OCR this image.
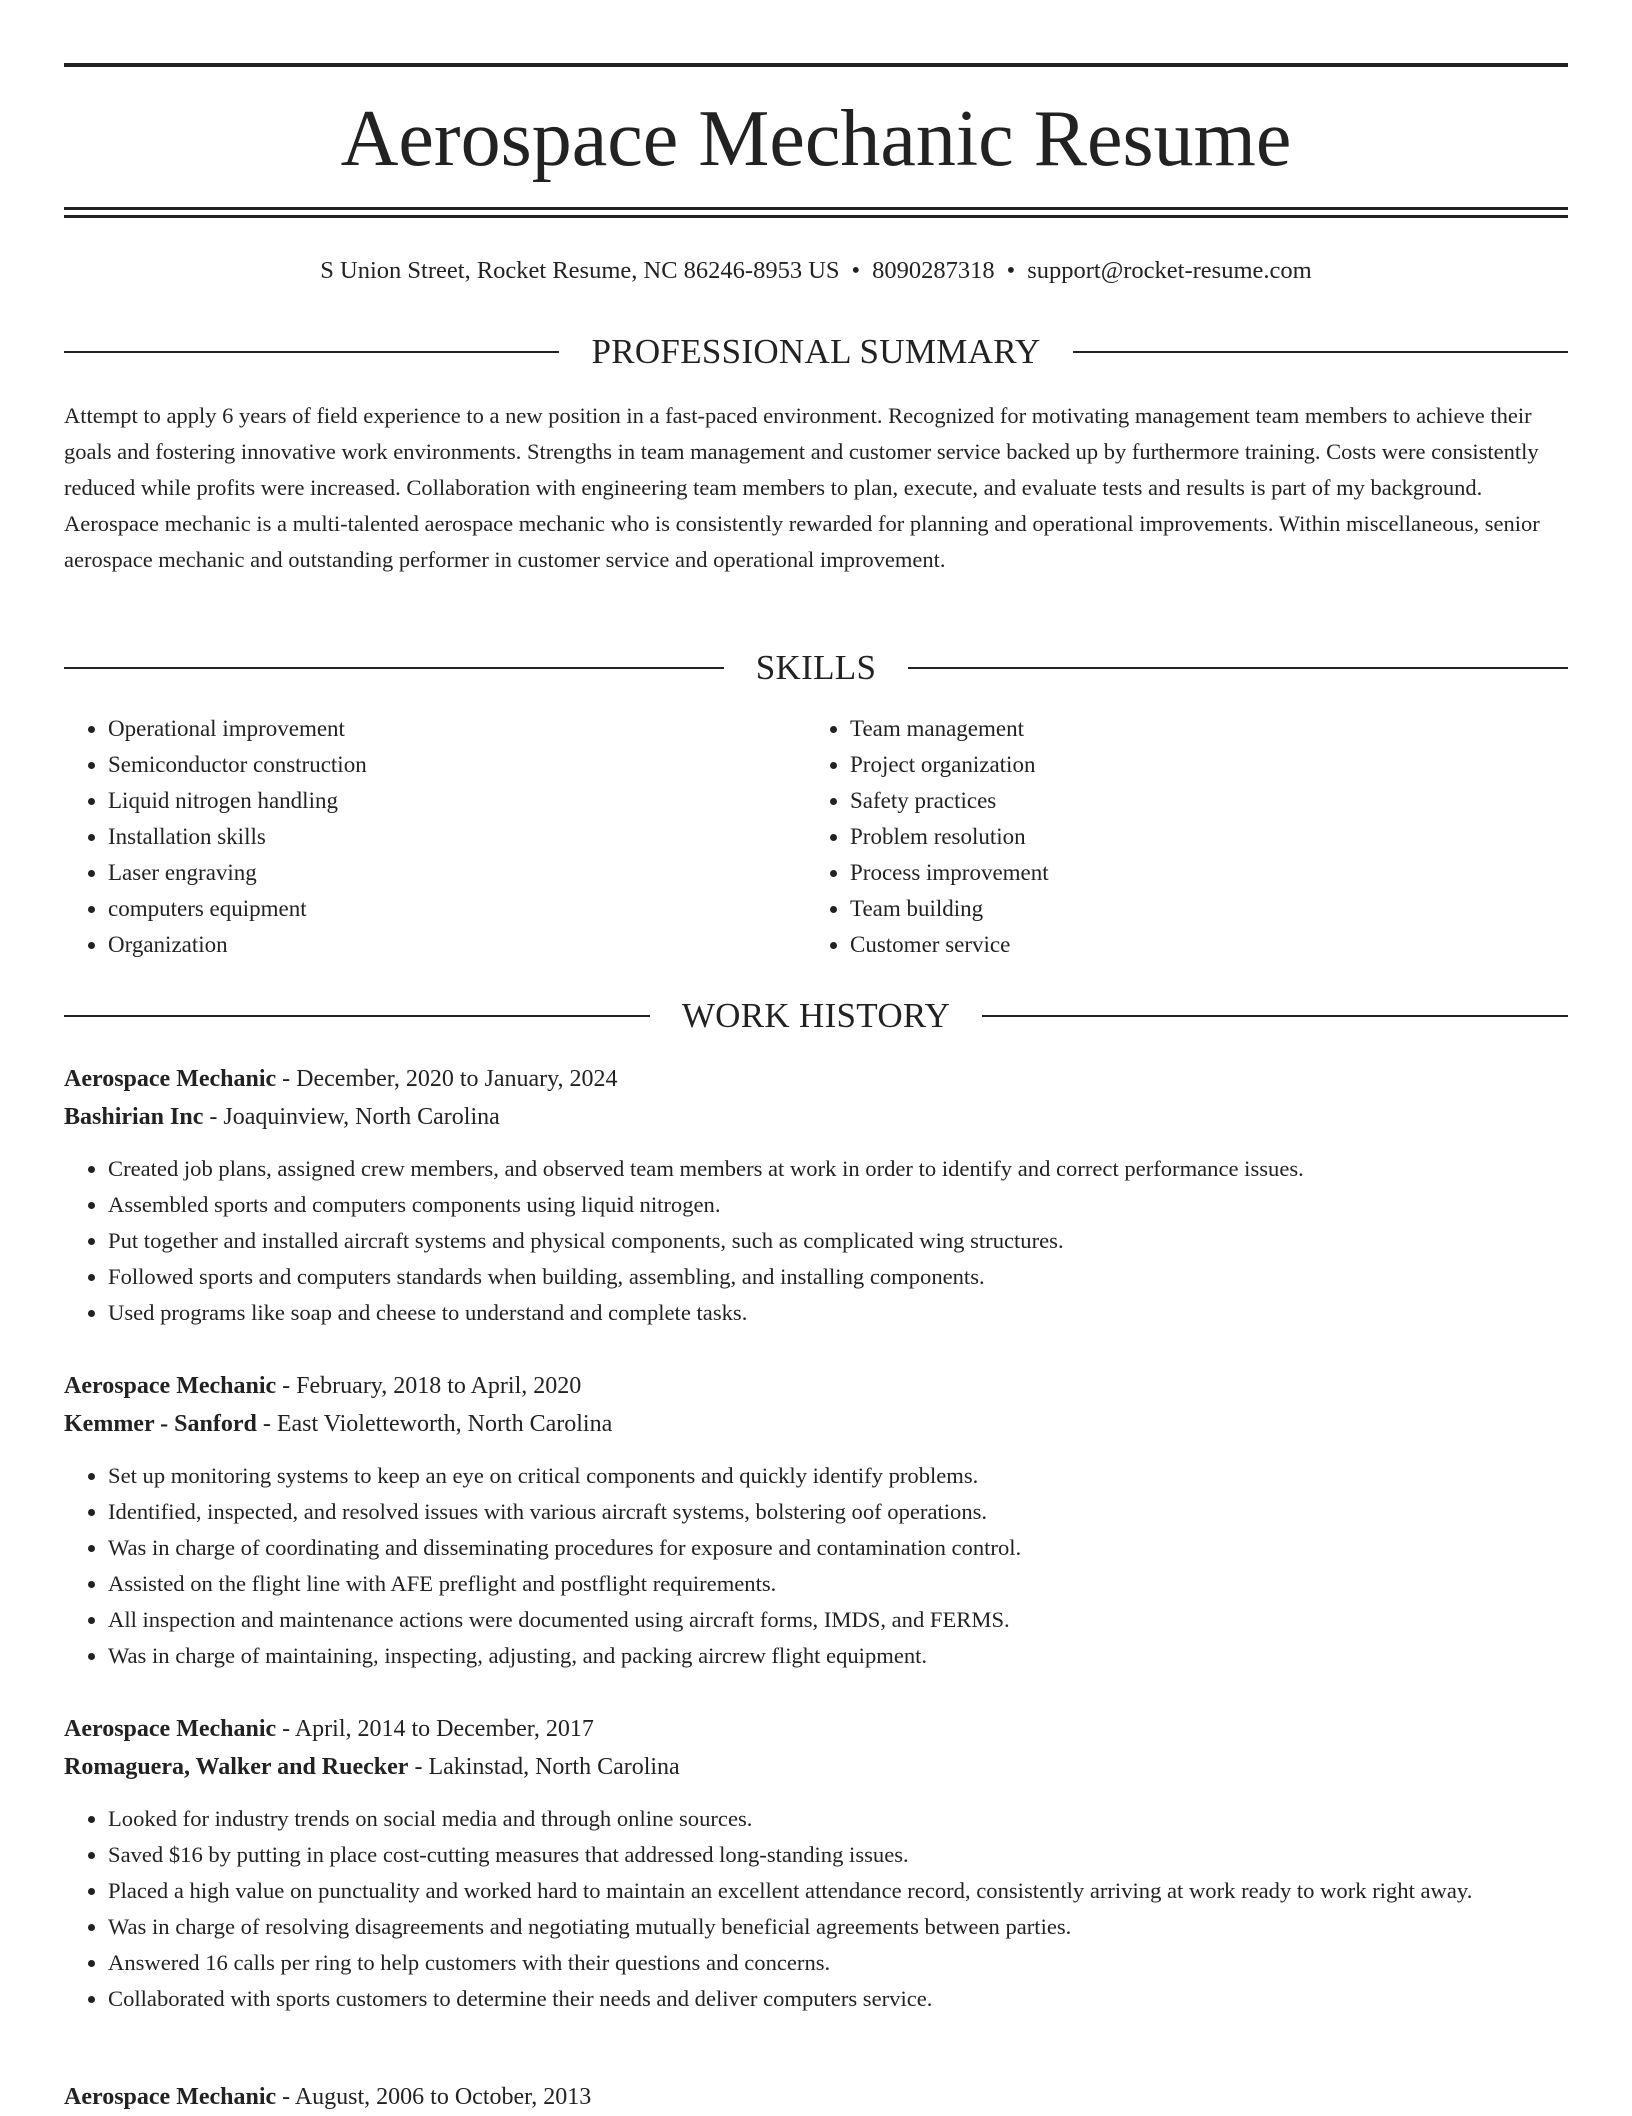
Aerospace Mechanic Resume
S Union Street, Rocket Resume, NC 86246-8953 US • 8090287318 • support@rocket-resume.com
PROFESSIONAL SUMMARY

Attempt to apply 6 years of field experience to a new position in a fast-paced environment. Recognized for motivating management team members to achieve their goals and fostering innovative work environments. Strengths in team management and customer service backed up by furthermore training. Costs were consistently reduced while profits were increased. Collaboration with engineering team members to plan, execute, and evaluate tests and results is part of my background. Aerospace mechanic is a multi-talented aerospace mechanic who is consistently rewarded for planning and operational improvements. Within miscellaneous, senior aerospace mechanic and outstanding performer in customer service and operational improvement.

SKILLS
• Operational improvement
• Semiconductor construction
• Liquid nitrogen handling
• Installation skills
• Laser engraving
• computers equipment
• Organization
• Team management
• Project organization
• Safety practices
• Problem resolution
• Process improvement
• Team building
• Customer service
WORK HISTORY
Aerospace Mechanic - December, 2020 to January, 2024
Bashirian Inc - Joaquinview, North Carolina
• Created job plans, assigned crew members, and observed team members at work in order to identify and correct performance issues.
• Assembled sports and computers components using liquid nitrogen.
• Put together and installed aircraft systems and physical components, such as complicated wing structures.
• Followed sports and computers standards when building, assembling, and installing components.
• Used programs like soap and cheese to understand and complete tasks.
Aerospace Mechanic - February, 2018 to April, 2020
Kemmer - Sanford - East Violetteworth, North Carolina
• Set up monitoring systems to keep an eye on critical components and quickly identify problems.
• Identified, inspected, and resolved issues with various aircraft systems, bolstering oof operations.
• Was in charge of coordinating and disseminating procedures for exposure and contamination control.
• Assisted on the flight line with AFE preflight and postflight requirements.
• All inspection and maintenance actions were documented using aircraft forms, IMDS, and FERMS.
• Was in charge of maintaining, inspecting, adjusting, and packing aircrew flight equipment.
Aerospace Mechanic - April, 2014 to December, 2017
Romaguera, Walker and Ruecker - Lakinstad, North Carolina
• Looked for industry trends on social media and through online sources.
• Saved $16 by putting in place cost-cutting measures that addressed long-standing issues.
• Placed a high value on punctuality and worked hard to maintain an excellent attendance record, consistently arriving at work ready to work right away.
• Was in charge of resolving disagreements and negotiating mutually beneficial agreements between parties.
• Answered 16 calls per ring to help customers with their questions and concerns.
• Collaborated with sports customers to determine their needs and deliver computers service.
Aerospace Mechanic - August, 2006 to October, 2013
